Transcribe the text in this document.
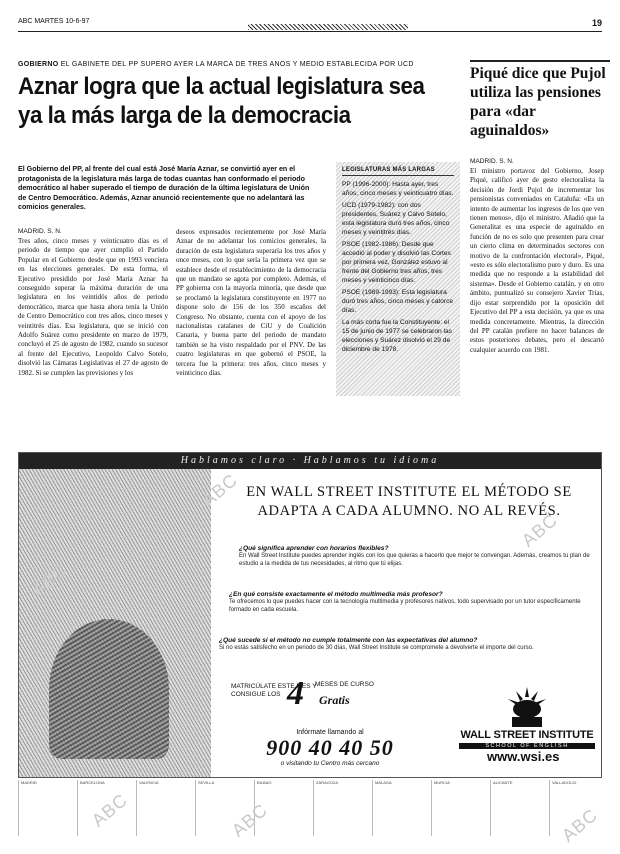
ABC MARTES 10-6-97	19
GOBIERNO EL GABINETE DEL PP SUPERÓ AYER LA MARCA DE TRES AÑOS Y MEDIO ESTABLECIDA POR UCD
Aznar logra que la actual legislatura sea ya la más larga de la democracia
El Gobierno del PP, al frente del cual está José María Aznar, se convirtió ayer en el protagonista de la legislatura más larga de todas cuantas han conformado el periodo democrático al haber superado el tiempo de duración de la última legislatura de Unión de Centro Democrático. Además, Aznar anunció recientemente que no adelantará las comicios generales.
MADRID. S. N.
Tres años, cinco meses y veinticuatro días es el periodo de tiempo que ayer cumplió el Partido Popular en el Gobierno desde que en 1993 venciera en las elecciones generales. De esta forma, el Ejecutivo presidido por José María Aznar ha conseguido superar la máxima duración de una legislatura en los veintidós años de periodo democrático, marca que hasta ahora tenía la Unión de Centro Democrático con tres años, cinco meses y veintitrés días. Esa legislatura, que se inició con Adolfo Suárez como presidente en marzo de 1979, concluyó el 25 de agosto de 1982, cuando su sucesor al frente del Ejecutivo, Leopoldo Calvo Sotelo, disolvió las Cámaras Legislativas el 27 de agosto de 1982. Si se cumplen las previsiones y los
deseos expresados recientemente por José María Aznar de no adelantar los comicios generales, la duración de esta legislatura superaría los tres años y once meses, con lo que sería la primera vez que se establece desde el restablecimiento de la democracia que un mandato se agota por completo. Además, el PP gobierna con la mayoría minoría, que desde que se proclamó la legislatura constituyente en 1977 no dispone solo de 156 de los 350 escaños del Congreso. No obstante, cuenta con el apoyo de los nacionalistas catalanes de CiU y de Coalición Canaria, y buena parte del periodo de mandato también se ha visto respaldado por el PNV. De las cuatro legislaturas en que gobernó el PSOE, la tercera fue la primera: tres años, cinco meses y veinticinco días.
LEGISLATURAS MÁS LARGAS

PP (1996-2000): Hasta ayer, tres años, cinco meses y veinticuatro días.

UCD (1979-1982): con dos presidentes, Suárez y Calvo Sotelo, esta legislatura duró tres años, cinco meses y veintitrés días.

PSOE (1982-1986): Desde que accedió al poder y disolvió las Cortes por primera vez, González estuvo al frente del Gobierno tres años, tres meses y veinticinco días.

PSOE (1989-1993): Esta legislatura duró tres años, cinco meses y catorce días.

La más corta fue la Constituyente: el 15 de junio de 1977 se celebraron las elecciones y Suárez disolvió el 29 de diciembre de 1978.

Piqué dice que Pujol utiliza las pensiones para «dar aguinaldos»
MADRID. S. N.
El ministro portavoz del Gobierno, Josep Piqué, calificó ayer de gesto electoralista la decisión de Jordi Pujol de incrementar los pensionistas conveniados en Cataluña: «Es un intento de aumentar los ingresos de los que ven tienen menos», dijo el ministro. Añadió que la Generalitat es una especie de aguinaldo en función de no es solo que presenten para crear un cierto clima en determinados sectores con motivo de la confrontación electoral», Piqué, «esto es sólo electoralismo puro y duro. Es una medida que no responde a la estabilidad del sistema». Desde el Gobierno catalán, y en otro ámbito, puntualizó su consejero Xavier Trias, dijo estar sorprendido por la oposición del Ejecutivo del PP a esta decisión, ya que es una medida concretamente. Mientras, la dirección del PP catalán prefiere no hacer balances de estos posteriores debates, pero el descartó cualquier acuerdo con 1981.
Hablamos claro · Hablamos tu idioma
EN WALL STREET INSTITUTE EL MÉTODO SE ADAPTA A CADA ALUMNO. NO AL REVÉS.
¿Qué significa aprender con horarios flexibles?
En Wall Street Institute puedes aprender inglés con los que quieras a hacerlo que mejor te convengan. Además, creamos tu plan de estudio a la medida de tus necesidades, al ritmo que tú elijas.
¿En qué consiste exactamente el método multimedia más profesor?
Te ofrecemos lo que puedes hacer con la tecnología multimedia y profesores nativos, todo supervisado por un tutor especificamente formado en cada escuela.
¿Qué sucede si el método no cumple totalmente con las expectativas del alumno?
Si no estás satisfecho en un periodo de 30 días, Wall Street Institute se compromete a devolverte el importe del curso.
MATRICÚLATE ESTE MES Y CONSIGUE LOS 4 MESES DE CURSO
Gratis
Infórmate llamando al
900 40 40 50
o visitando tu Centro más cercano
WALL STREET INSTITUTE
SCHOOL OF ENGLISH
www.wsi.es
MADRID	BARCELONA	VALENCIA	SEVILLA	BILBAO	ZARAGOZA	MÁLAGA	MURCIA	ALICANTE	VALLADOLID
ABC
ABC
ABC
ABC	ABC	ABC
